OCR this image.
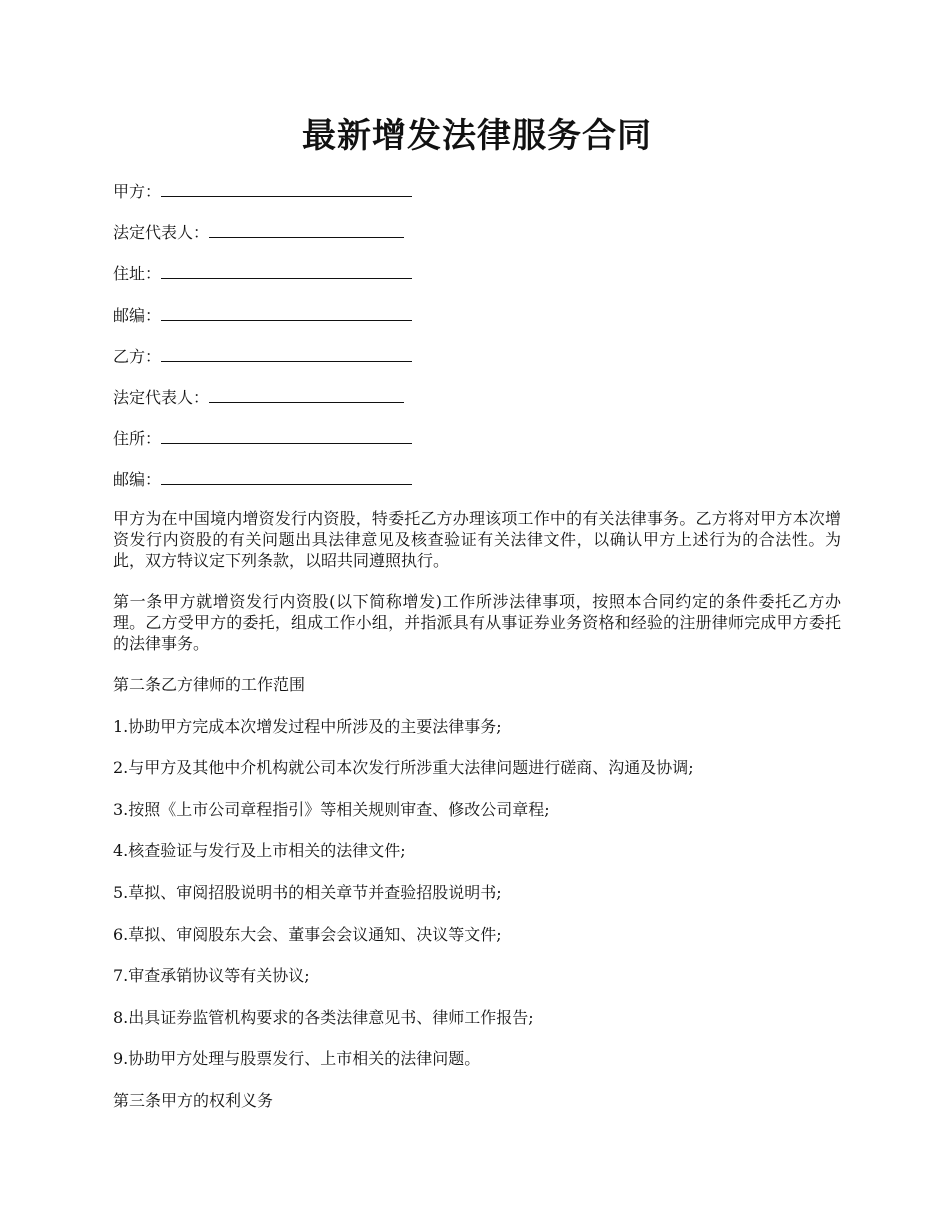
最新增发法律服务合同
甲方：
法定代表人：
住址：
邮编：
乙方：
法定代表人：
住所：
邮编：

甲方为在中国境内增资发行内资股，特委托乙方办理该项工作中的有关法律事务。乙方将对甲方本次增资发行内资股的有关问题出具法律意见及核查验证有关法律文件，以确认甲方上述行为的合法性。为此，双方特议定下列条款，以昭共同遵照执行。

第一条甲方就增资发行内资股(以下简称增发)工作所涉法律事项，按照本合同约定的条件委托乙方办理。乙方受甲方的委托，组成工作小组，并指派具有从事证券业务资格和经验的注册律师完成甲方委托的法律事务。

第二条乙方律师的工作范围

1.协助甲方完成本次增发过程中所涉及的主要法律事务;

2.与甲方及其他中介机构就公司本次发行所涉重大法律问题进行磋商、沟通及协调;

3.按照《上市公司章程指引》等相关规则审查、修改公司章程;

4.核查验证与发行及上市相关的法律文件;

5.草拟、审阅招股说明书的相关章节并查验招股说明书;

6.草拟、审阅股东大会、董事会会议通知、决议等文件;

7.审查承销协议等有关协议;

8.出具证券监管机构要求的各类法律意见书、律师工作报告;

9.协助甲方处理与股票发行、上市相关的法律问题。

第三条甲方的权利义务
